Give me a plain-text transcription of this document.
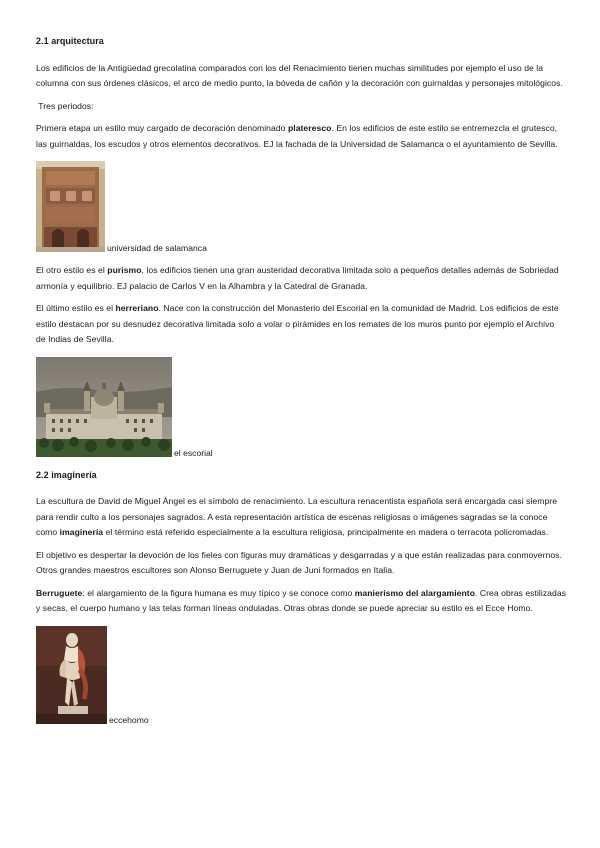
2.1 arquitectura

Los edificios de la Antigüedad grecolatina comparados con los del Renacimiento tienen muchas similitudes por ejemplo el uso de la columna con sus órdenes clásicos, el arco de medio punto, la bóveda de cañón y la decoración con guirnaldas y personajes mitológicos.

Tres periodos:

Primera etapa un estilo muy cargado de decoración denominado plateresco. En los edificios de este estilo se entremezcla el grutesco, las guirnaldas, los escudos y otros elementos decorativos. EJ la fachada de la Universidad de Salamanca o el ayuntamiento de Sevilla.

universidad de salamanca

El otro estilo es el purismo, los edificios tienen una gran austeridad decorativa limitada solo a pequeños detalles además de Sobriedad armonía y equilibrio. EJ palacio de Carlos V en la Alhambra y la Catedral de Granada.

El último estilo es el herreriano. Nace con la construcción del Monasterio del Escorial en la comunidad de Madrid. Los edificios de este estilo destacan por su desnudez decorativa limitada solo a volar o pirámides en los remates de los muros punto por ejemplo el Archivo de Indias de Sevilla.

el escorial

2.2 imaginería

La escultura de David de Miguel Ángel es el símbolo de renacimiento. La escultura renacentista española será encargada casi siempre para rendir culto a los personajes sagrados. A esta representación artística de escenas religiosas o imágenes sagradas se la conoce como imaginería el término está referido especialmente a la escultura religiosa, principalmente en madera o terracota policromadas.

El objetivo es despertar la devoción de los fieles con figuras muy dramáticas y desgarradas y a que están realizadas para conmovernos. Otros grandes maestros escultores son Alonso Berruguete y Juan de Juni formados en Italia.

Berruguete: el alargamiento de la figura humana es muy típico y se conoce como manierismo del alargamiento. Crea obras estilizadas y secas, el cuerpo humano y las telas forman líneas onduladas. Otras obras donde se puede apreciar su estilo es el Ecce Homo.

eccehomo
